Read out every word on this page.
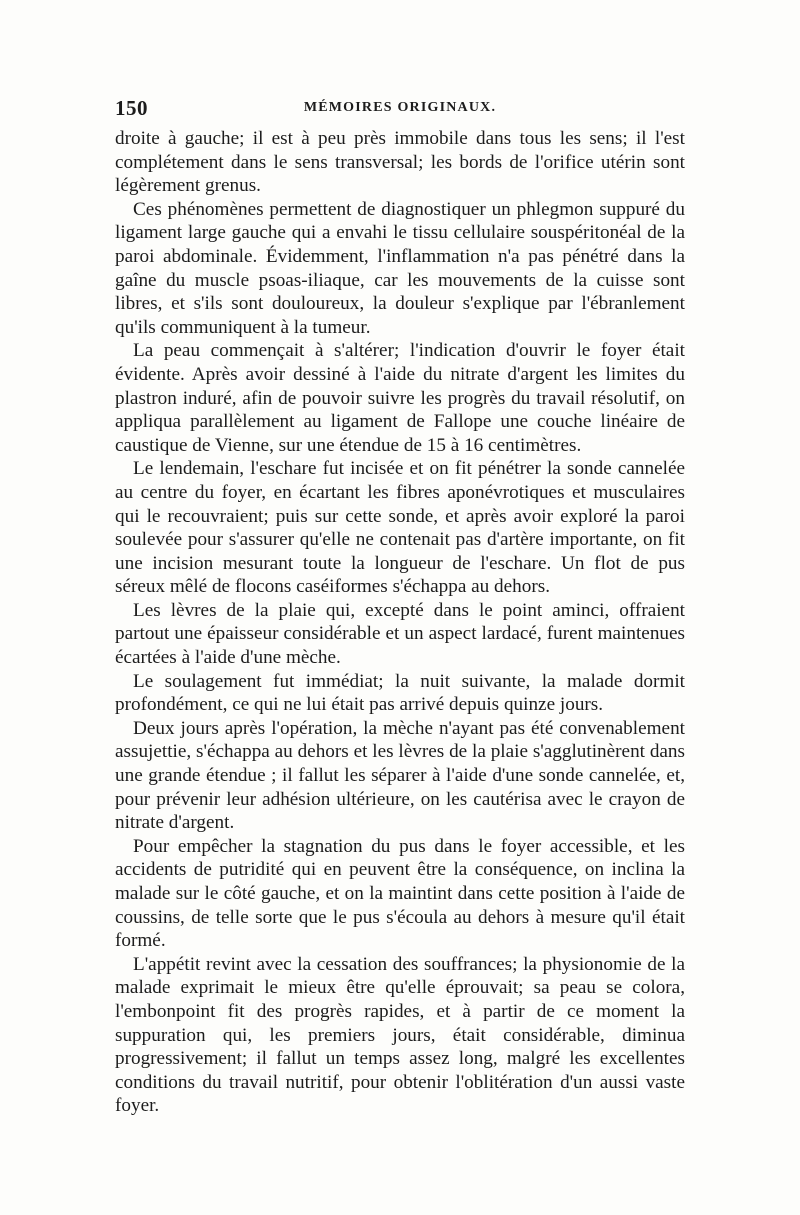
150	MÉMOIRES ORIGINAUX.

droite à gauche; il est à peu près immobile dans tous les sens; il l'est complétement dans le sens transversal; les bords de l'orifice utérin sont légèrement grenus.

Ces phénomènes permettent de diagnostiquer un phlegmon suppuré du ligament large gauche qui a envahi le tissu cellulaire souspéritonéal de la paroi abdominale. Évidemment, l'inflammation n'a pas pénétré dans la gaîne du muscle psoas-iliaque, car les mouvements de la cuisse sont libres, et s'ils sont douloureux, la douleur s'explique par l'ébranlement qu'ils communiquent à la tumeur.

La peau commençait à s'altérer; l'indication d'ouvrir le foyer était évidente. Après avoir dessiné à l'aide du nitrate d'argent les limites du plastron induré, afin de pouvoir suivre les progrès du travail résolutif, on appliqua parallèlement au ligament de Fallope une couche linéaire de caustique de Vienne, sur une étendue de 15 à 16 centimètres.

Le lendemain, l'eschare fut incisée et on fit pénétrer la sonde cannelée au centre du foyer, en écartant les fibres aponévrotiques et musculaires qui le recouvraient; puis sur cette sonde, et après avoir exploré la paroi soulevée pour s'assurer qu'elle ne contenait pas d'artère importante, on fit une incision mesurant toute la longueur de l'eschare. Un flot de pus séreux mêlé de flocons caséiformes s'échappa au dehors.

Les lèvres de la plaie qui, excepté dans le point aminci, offraient partout une épaisseur considérable et un aspect lardacé, furent maintenues écartées à l'aide d'une mèche.

Le soulagement fut immédiat; la nuit suivante, la malade dormit profondément, ce qui ne lui était pas arrivé depuis quinze jours.

Deux jours après l'opération, la mèche n'ayant pas été convenablement assujettie, s'échappa au dehors et les lèvres de la plaie s'agglutinèrent dans une grande étendue ; il fallut les séparer à l'aide d'une sonde cannelée, et, pour prévenir leur adhésion ultérieure, on les cautérisa avec le crayon de nitrate d'argent.

Pour empêcher la stagnation du pus dans le foyer accessible, et les accidents de putridité qui en peuvent être la conséquence, on inclina la malade sur le côté gauche, et on la maintint dans cette position à l'aide de coussins, de telle sorte que le pus s'écoula au dehors à mesure qu'il était formé.

L'appétit revint avec la cessation des souffrances; la physionomie de la malade exprimait le mieux être qu'elle éprouvait; sa peau se colora, l'embonpoint fit des progrès rapides, et à partir de ce moment la suppuration qui, les premiers jours, était considérable, diminua progressivement; il fallut un temps assez long, malgré les excellentes conditions du travail nutritif, pour obtenir l'oblitération d'un aussi vaste foyer.
